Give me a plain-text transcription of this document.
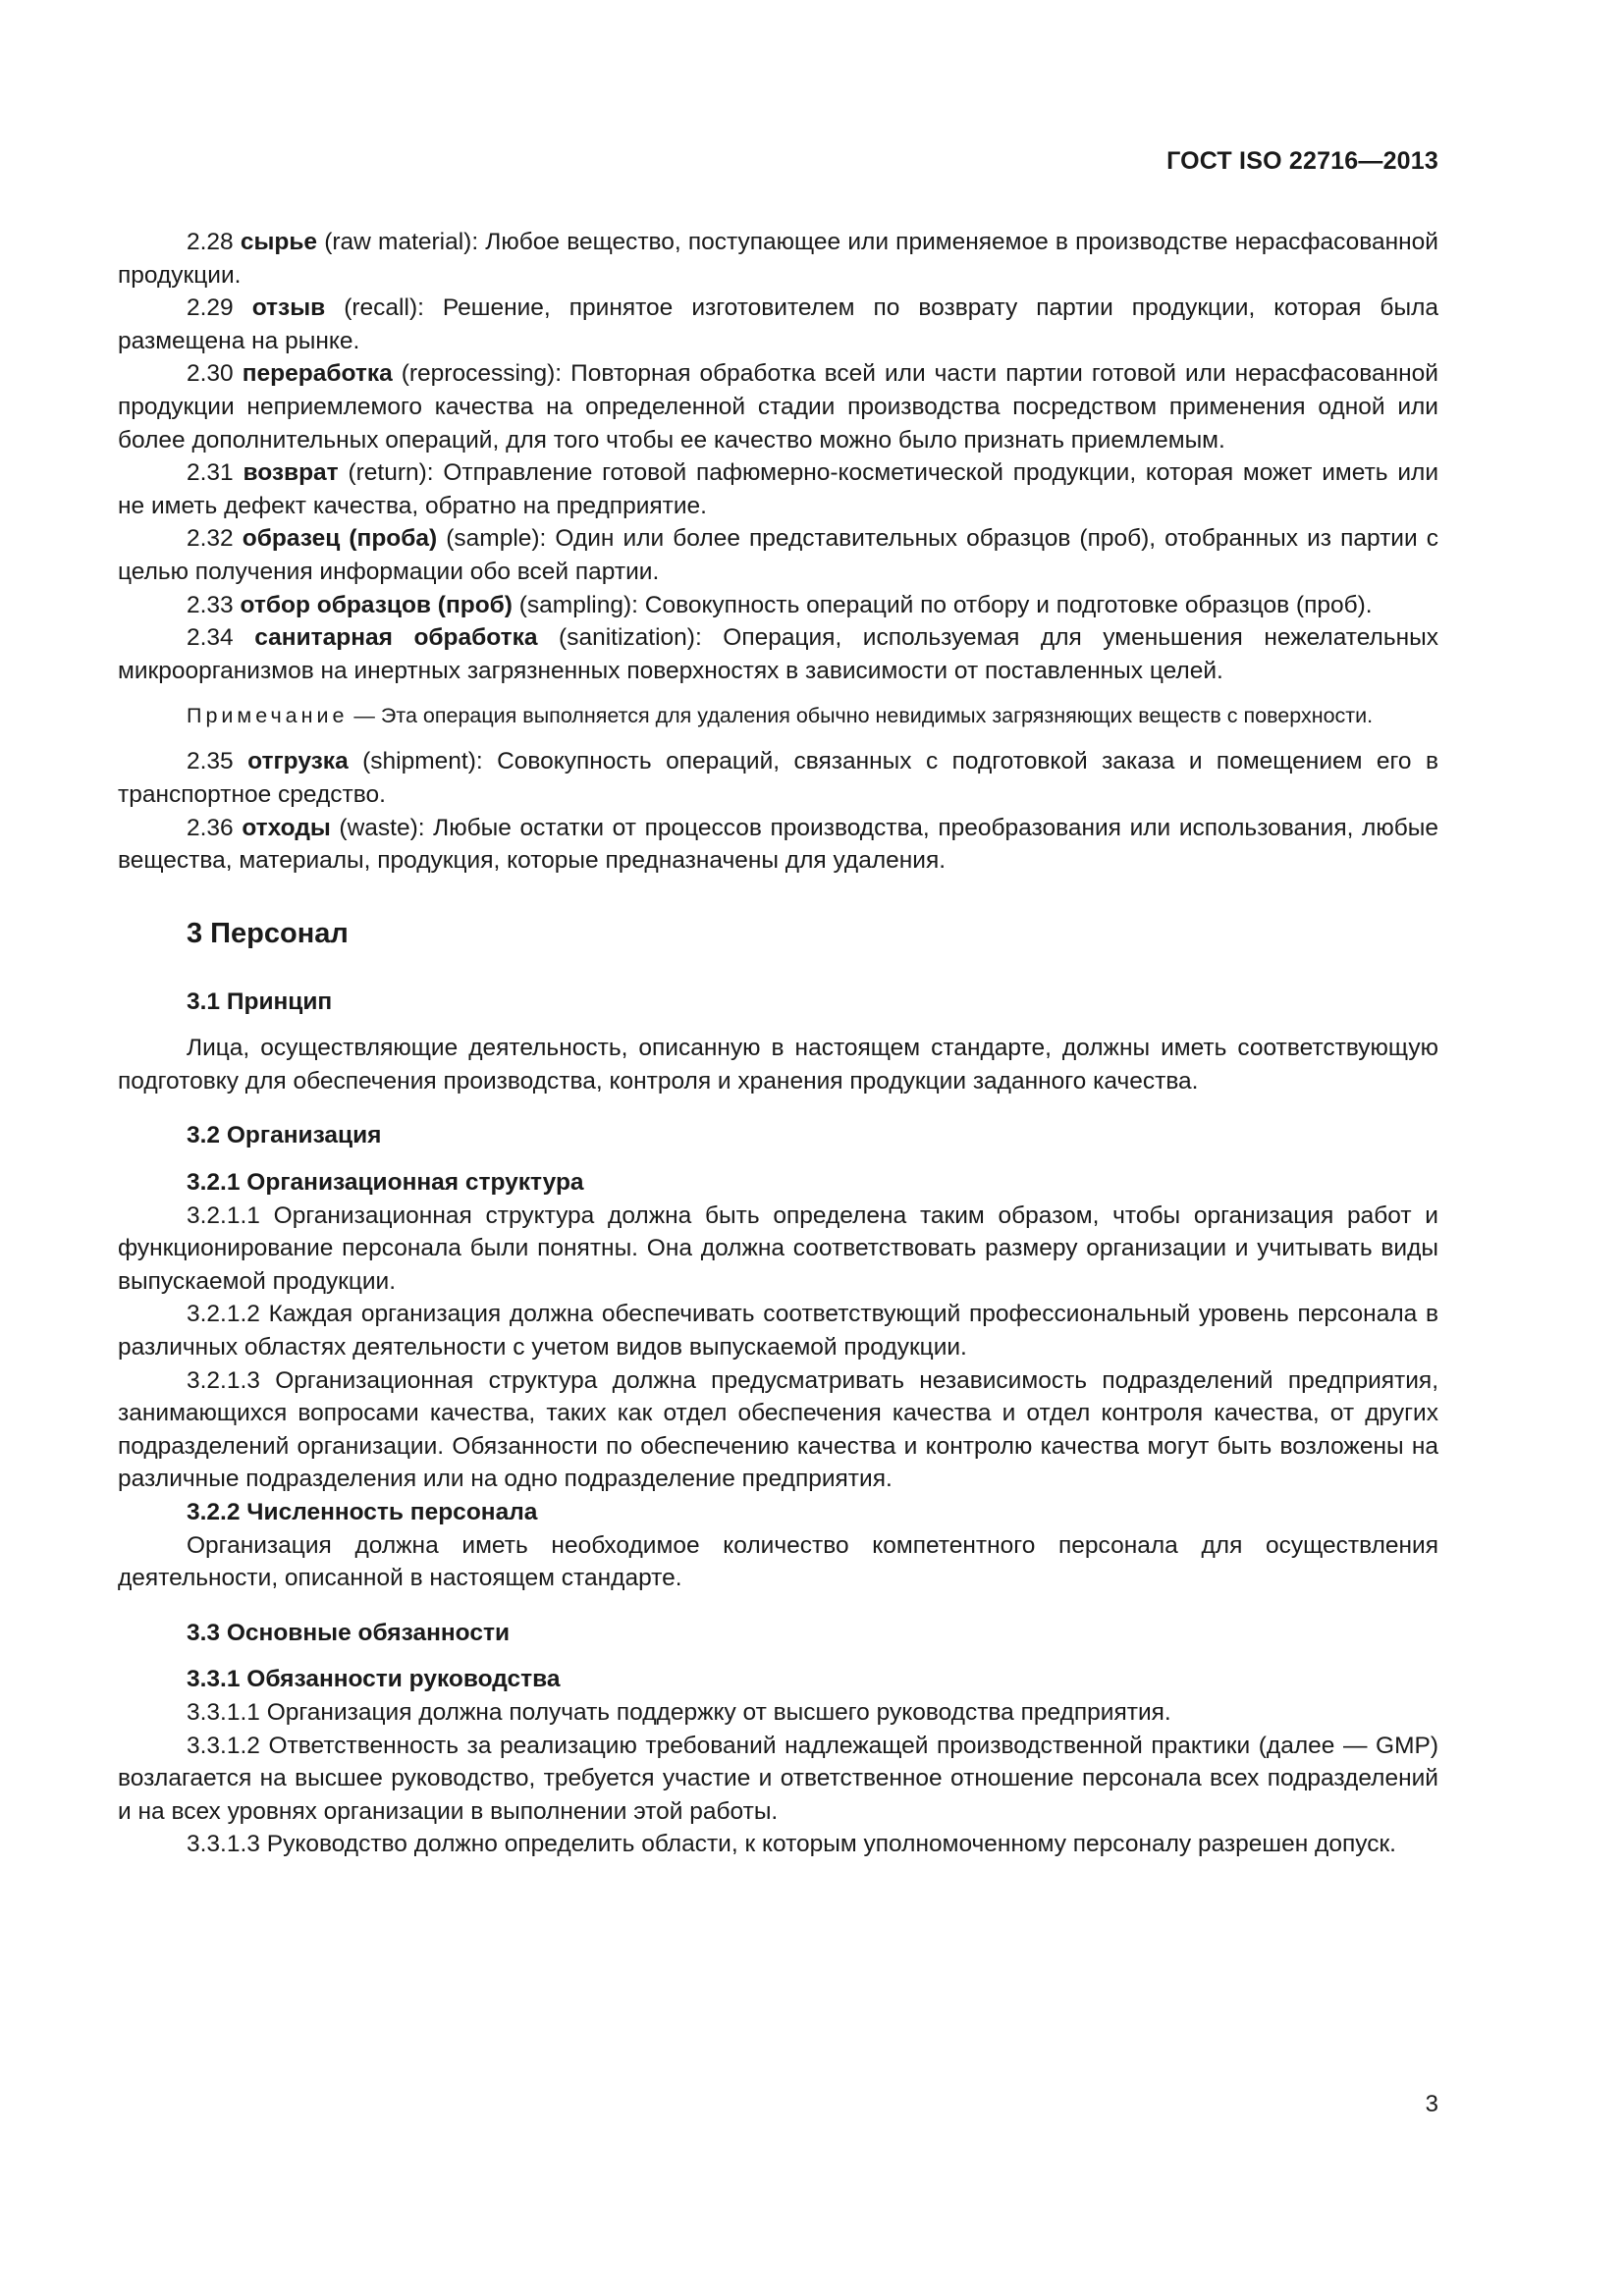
ГОСТ ISO 22716—2013

2.28 сырье (raw material): Любое вещество, поступающее или применяемое в производстве нерасфасованной продукции.

2.29 отзыв (recall): Решение, принятое изготовителем по возврату партии продукции, которая была размещена на рынке.

2.30 переработка (reprocessing): Повторная обработка всей или части партии готовой или нерасфасованной продукции неприемлемого качества на определенной стадии производства посредством применения одной или более дополнительных операций, для того чтобы ее качество можно было признать приемлемым.

2.31 возврат (return): Отправление готовой пафюмерно-косметической продукции, которая может иметь или не иметь дефект качества, обратно на предприятие.

2.32 образец (проба) (sample): Один или более представительных образцов (проб), отобранных из партии с целью получения информации обо всей партии.

2.33 отбор образцов (проб) (sampling): Совокупность операций по отбору и подготовке образцов (проб).

2.34 санитарная обработка (sanitization): Операция, используемая для уменьшения нежелательных микроорганизмов на инертных загрязненных поверхностях в зависимости от поставленных целей.

Примечание — Эта операция выполняется для удаления обычно невидимых загрязняющих веществ с поверхности.

2.35 отгрузка (shipment): Совокупность операций, связанных с подготовкой заказа и помещением его в транспортное средство.

2.36 отходы (waste): Любые остатки от процессов производства, преобразования или использования, любые вещества, материалы, продукция, которые предназначены для удаления.

3 Персонал
3.1 Принцип

Лица, осуществляющие деятельность, описанную в настоящем стандарте, должны иметь соответствующую подготовку для обеспечения производства, контроля и хранения продукции заданного качества.

3.2 Организация
3.2.1 Организационная структура

3.2.1.1 Организационная структура должна быть определена таким образом, чтобы организация работ и функционирование персонала были понятны. Она должна соответствовать размеру организации и учитывать виды выпускаемой продукции.

3.2.1.2 Каждая организация должна обеспечивать соответствующий профессиональный уровень персонала в различных областях деятельности с учетом видов выпускаемой продукции.

3.2.1.3 Организационная структура должна предусматривать независимость подразделений предприятия, занимающихся вопросами качества, таких как отдел обеспечения качества и отдел контроля качества, от других подразделений организации. Обязанности по обеспечению качества и контролю качества могут быть возложены на различные подразделения или на одно подразделение предприятия.

3.2.2 Численность персонала

Организация должна иметь необходимое количество компетентного персонала для осуществления деятельности, описанной в настоящем стандарте.

3.3 Основные обязанности
3.3.1 Обязанности руководства

3.3.1.1 Организация должна получать поддержку от высшего руководства предприятия.

3.3.1.2 Ответственность за реализацию требований надлежащей производственной практики (далее — GMP) возлагается на высшее руководство, требуется участие и ответственное отношение персонала всех подразделений и на всех уровнях организации в выполнении этой работы.

3.3.1.3 Руководство должно определить области, к которым уполномоченному персоналу разрешен допуск.

3
